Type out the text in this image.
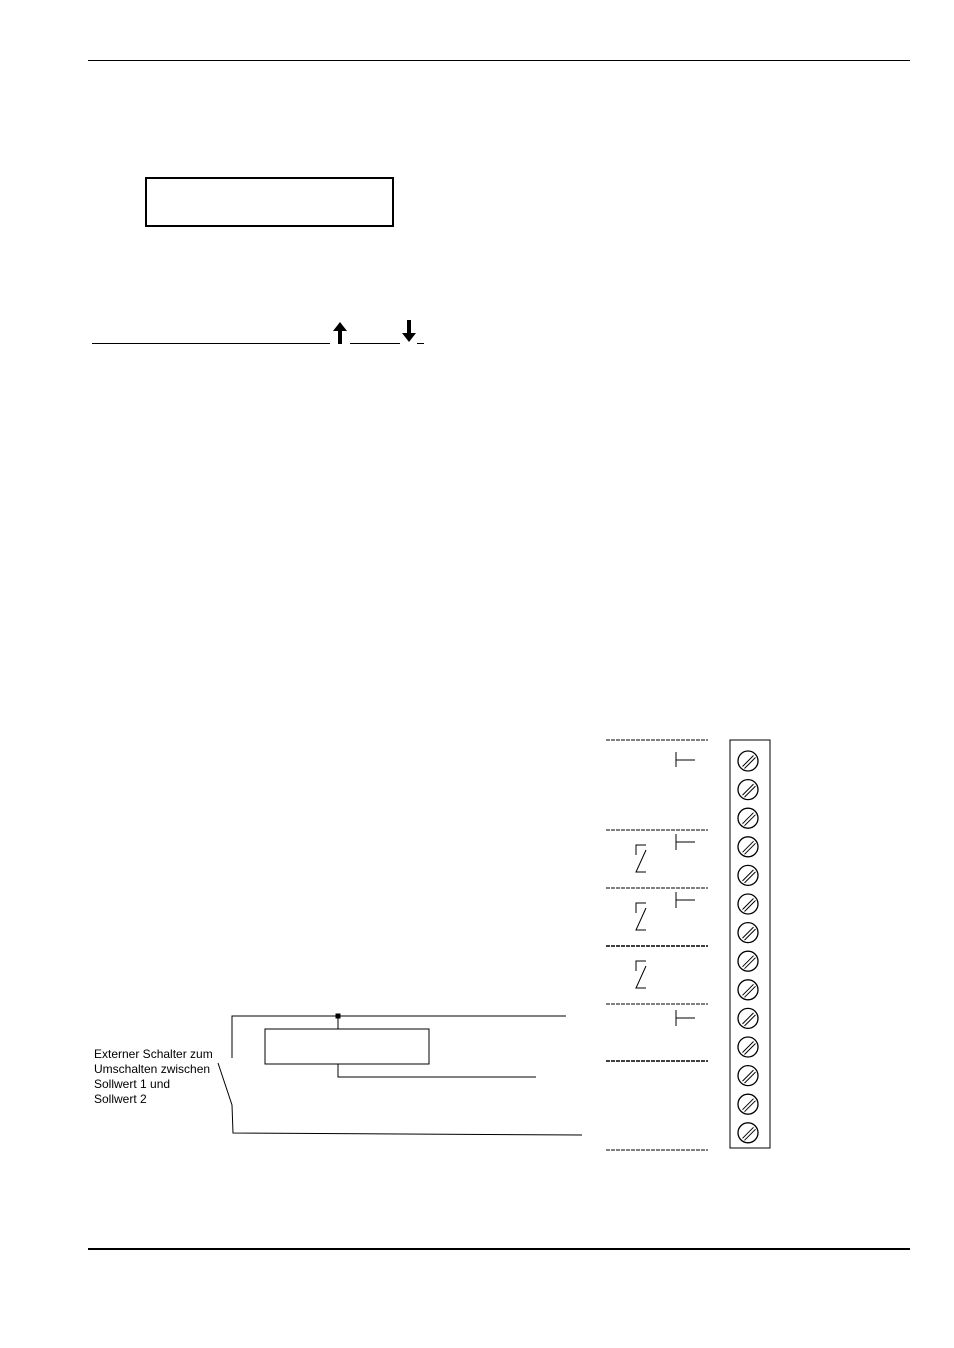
Externer Schalter zum
Umschalten zwischen
Sollwert 1 und
Sollwert 2
